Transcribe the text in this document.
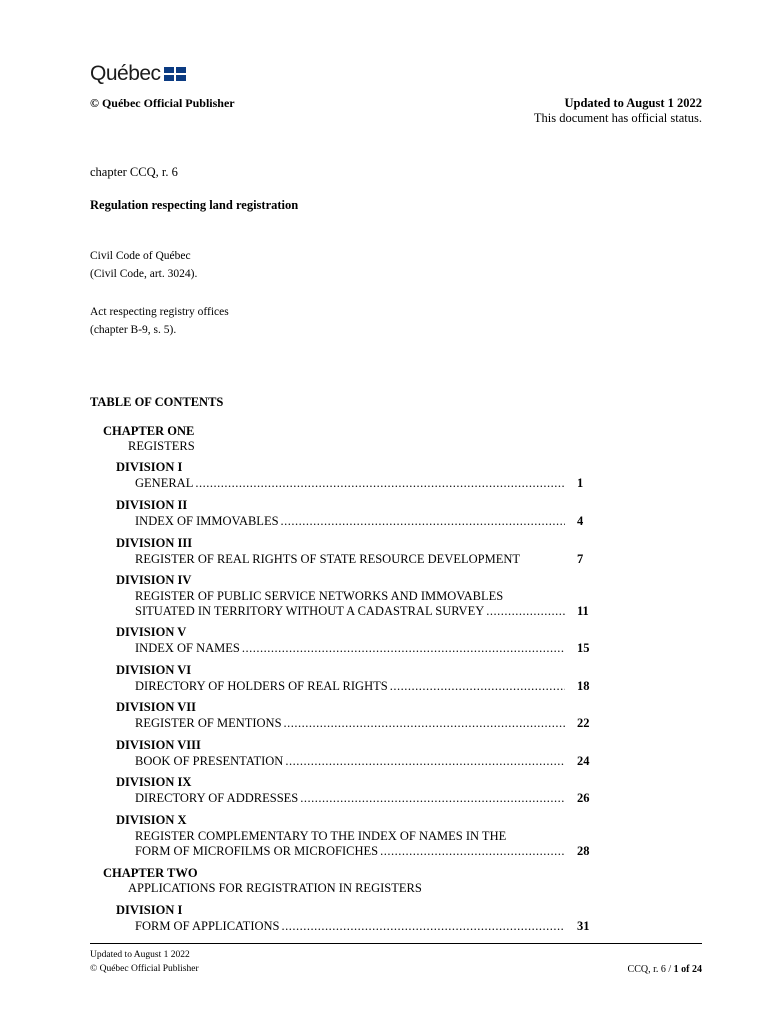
Québec
© Québec Official Publisher	Updated to August 1 2022
This document has official status.
chapter CCQ, r. 6
Regulation respecting land registration
Civil Code of Québec
(Civil Code, art. 3024).
Act respecting registry offices
(chapter B-9, s. 5).
TABLE OF CONTENTS
CHAPTER ONE
REGISTERS
DIVISION I
GENERAL .....	1
DIVISION II
INDEX OF IMMOVABLES .....	4
DIVISION III
REGISTER OF REAL RIGHTS OF STATE RESOURCE DEVELOPMENT	7
DIVISION IV
REGISTER OF PUBLIC SERVICE NETWORKS AND IMMOVABLES
SITUATED IN TERRITORY WITHOUT A CADASTRAL SURVEY .....	11
DIVISION V
INDEX OF NAMES .....	15
DIVISION VI
DIRECTORY OF HOLDERS OF REAL RIGHTS .....	18
DIVISION VII
REGISTER OF MENTIONS .....	22
DIVISION VIII
BOOK OF PRESENTATION .....	24
DIVISION IX
DIRECTORY OF ADDRESSES .....	26
DIVISION X
REGISTER COMPLEMENTARY TO THE INDEX OF NAMES IN THE
FORM OF MICROFILMS OR MICROFICHES .....	28
CHAPTER TWO
APPLICATIONS FOR REGISTRATION IN REGISTERS
DIVISION I
FORM OF APPLICATIONS .....	31
Updated to August 1 2022
© Québec Official Publisher	CCQ, r. 6 / 1 of 24
